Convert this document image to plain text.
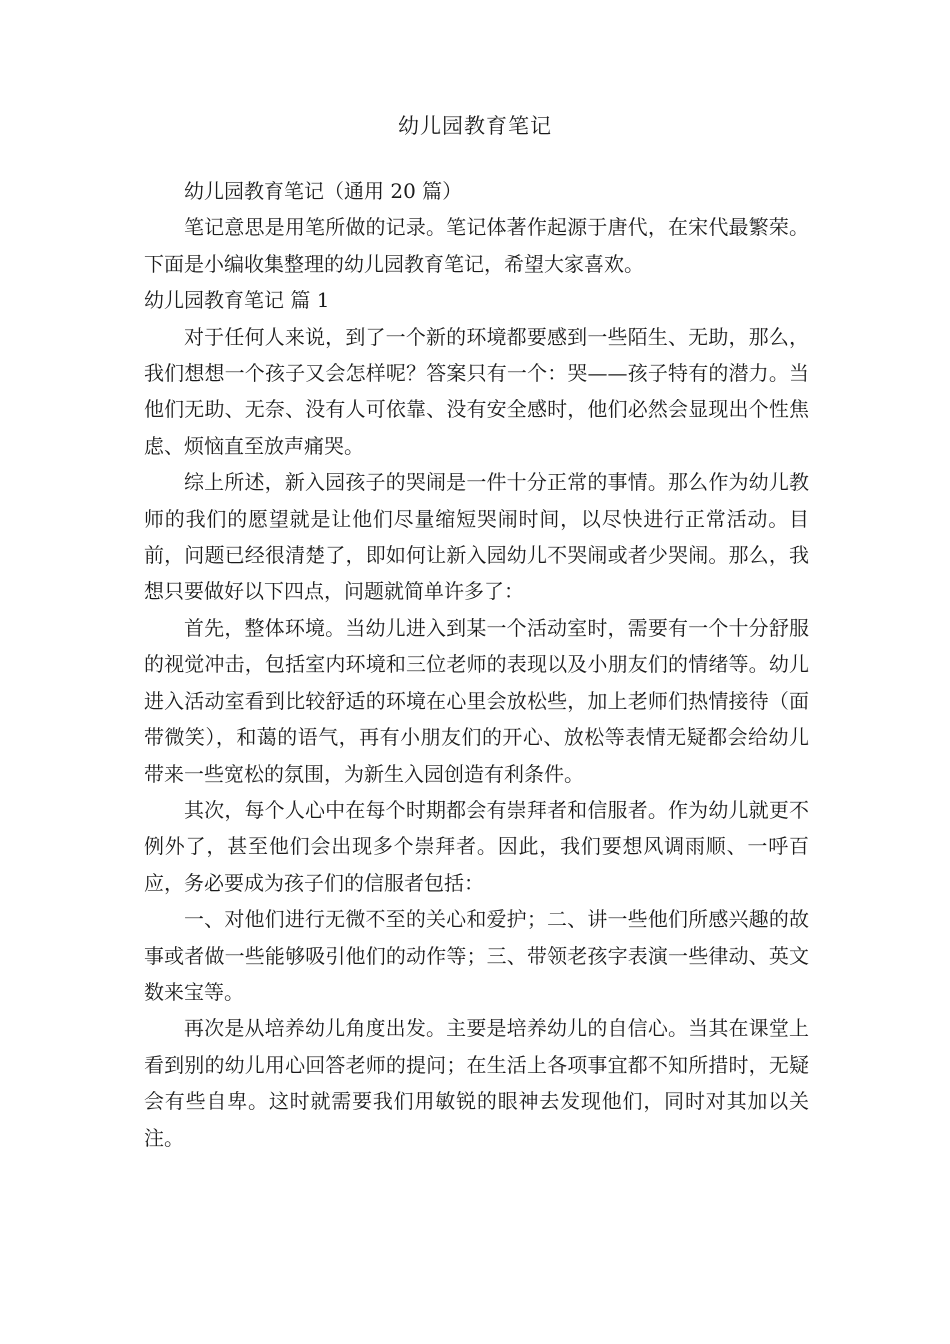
幼儿园教育笔记

幼儿园教育笔记（通用 20 篇）

笔记意思是用笔所做的记录。笔记体著作起源于唐代，在宋代最繁荣。下面是小编收集整理的幼儿园教育笔记，希望大家喜欢。

幼儿园教育笔记 篇 1

对于任何人来说，到了一个新的环境都要感到一些陌生、无助，那么，我们想想一个孩子又会怎样呢？答案只有一个：哭——孩子特有的潜力。当他们无助、无奈、没有人可依靠、没有安全感时，他们必然会显现出个性焦虑、烦恼直至放声痛哭。

综上所述，新入园孩子的哭闹是一件十分正常的事情。那么作为幼儿教师的我们的愿望就是让他们尽量缩短哭闹时间，以尽快进行正常活动。目前，问题已经很清楚了，即如何让新入园幼儿不哭闹或者少哭闹。那么，我想只要做好以下四点，问题就简单许多了：

首先，整体环境。当幼儿进入到某一个活动室时，需要有一个十分舒服的视觉冲击，包括室内环境和三位老师的表现以及小朋友们的情绪等。幼儿进入活动室看到比较舒适的环境在心里会放松些，加上老师们热情接待（面带微笑），和蔼的语气，再有小朋友们的开心、放松等表情无疑都会给幼儿带来一些宽松的氛围，为新生入园创造有利条件。

其次，每个人心中在每个时期都会有崇拜者和信服者。作为幼儿就更不例外了，甚至他们会出现多个崇拜者。因此，我们要想风调雨顺、一呼百应，务必要成为孩子们的信服者包括：

一、对他们进行无微不至的关心和爱护；二、讲一些他们所感兴趣的故事或者做一些能够吸引他们的动作等；三、带领老孩字表演一些律动、英文数来宝等。

再次是从培养幼儿角度出发。主要是培养幼儿的自信心。当其在课堂上看到别的幼儿用心回答老师的提问；在生活上各项事宜都不知所措时，无疑会有些自卑。这时就需要我们用敏锐的眼神去发现他们，同时对其加以关注。
